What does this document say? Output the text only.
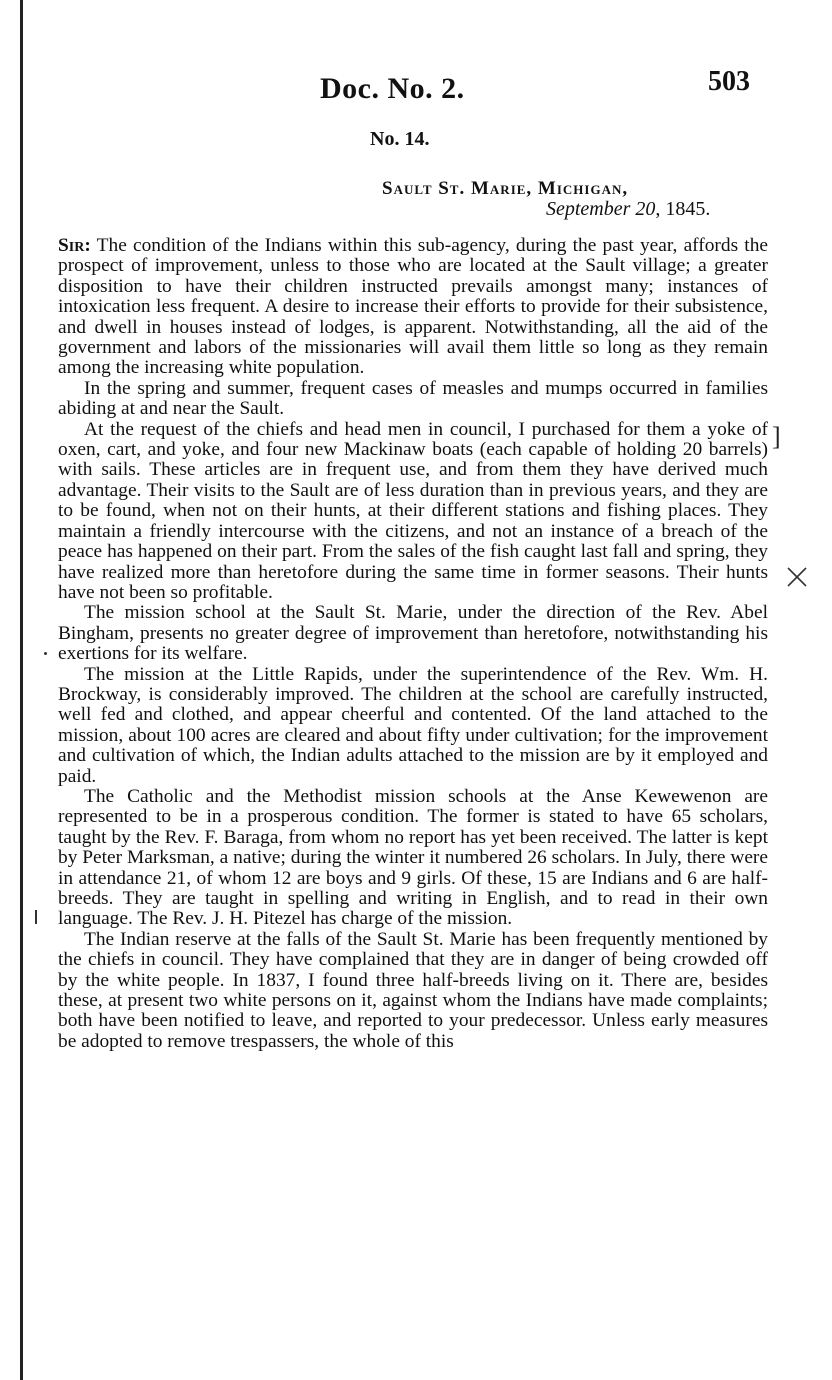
Doc. No. 2.	503
No. 14.
Sault St. Marie, Michigan,
September 20, 1845.

Sir: The condition of the Indians within this sub-agency, during the past year, affords the prospect of improvement, unless to those who are located at the Sault village; a greater disposition to have their children instructed prevails amongst many; instances of intoxication less frequent. A desire to increase their efforts to provide for their subsistence, and dwell in houses instead of lodges, is apparent. Notwithstanding, all the aid of the government and labors of the missionaries will avail them little so long as they remain among the increasing white population.

In the spring and summer, frequent cases of measles and mumps occurred in families abiding at and near the Sault.

At the request of the chiefs and head men in council, I purchased for them a yoke of oxen, cart, and yoke, and four new Mackinaw boats (each capable of holding 20 barrels) with sails. These articles are in frequent use, and from them they have derived much advantage. Their visits to the Sault are of less duration than in previous years, and they are to be found, when not on their hunts, at their different stations and fishing places. They maintain a friendly intercourse with the citizens, and not an instance of a breach of the peace has happened on their part. From the sales of the fish caught last fall and spring, they have realized more than heretofore during the same time in former seasons. Their hunts have not been so profitable.

The mission school at the Sault St. Marie, under the direction of the Rev. Abel Bingham, presents no greater degree of improvement than heretofore, notwithstanding his exertions for its welfare.

The mission at the Little Rapids, under the superintendence of the Rev. Wm. H. Brockway, is considerably improved. The children at the school are carefully instructed, well fed and clothed, and appear cheerful and contented. Of the land attached to the mission, about 100 acres are cleared and about fifty under cultivation; for the improvement and cultivation of which, the Indian adults attached to the mission are by it employed and paid.

The Catholic and the Methodist mission schools at the Anse Kewewenon are represented to be in a prosperous condition. The former is stated to have 65 scholars, taught by the Rev. F. Baraga, from whom no report has yet been received. The latter is kept by Peter Marksman, a native; during the winter it numbered 26 scholars. In July, there were in attendance 21, of whom 12 are boys and 9 girls. Of these, 15 are Indians and 6 are half-breeds. They are taught in spelling and writing in English, and to read in their own language. The Rev. J. H. Pitezel has charge of the mission.

The Indian reserve at the falls of the Sault St. Marie has been frequently mentioned by the chiefs in council. They have complained that they are in danger of being crowded off by the white people. In 1837, I found three half-breeds living on it. There are, besides these, at present two white persons on it, against whom the Indians have made complaints; both have been notified to leave, and reported to your predecessor. Unless early measures be adopted to remove trespassers, the whole of this

]
